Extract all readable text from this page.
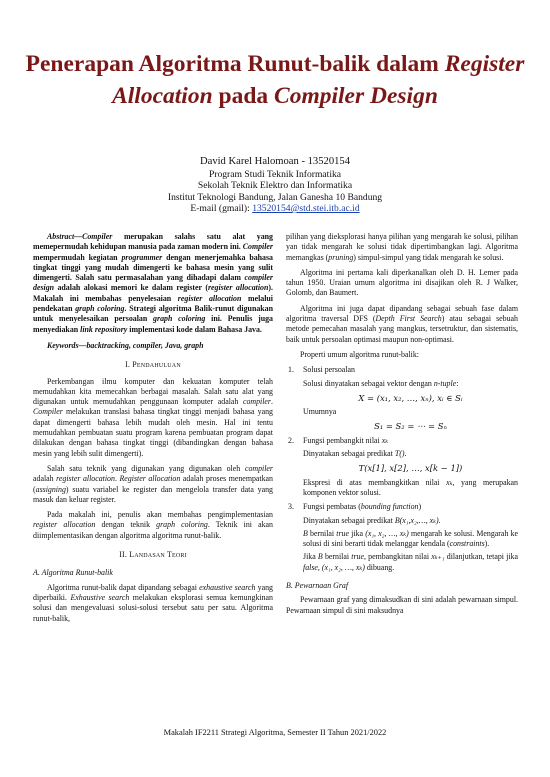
Penerapan Algoritma Runut-balik dalam Register
Allocation pada Compiler Design
David Karel Halomoan - 13520154
Program Studi Teknik Informatika
Sekolah Teknik Elektro dan Informatika
Institut Teknologi Bandung, Jalan Ganesha 10 Bandung
E-mail (gmail): 13520154@std.stei.itb.ac.id

Abstract—Compiler merupakan salahs satu alat yang memepermudah kehidupan manusia pada zaman modern ini. Compiler mempermudah kegiatan programmer dengan menerjemahka bahasa tingkat tinggi yang mudah dimengerti ke bahasa mesin yang sulit dimengerti. Salah satu permasalahan yang dihadapi dalam compiler design adalah alokasi memori ke dalam register (register allocation). Makalah ini membahas penyelesaian register allocation melalui pendekatan graph coloring. Strategi algoritma Balik-runut digunakan untuk menyelesaikan persoalan graph coloring ini. Penulis juga menyediakan link repository implementasi kode dalam Bahasa Java.

Keywords—backtracking, compiler, Java, graph

I. Pendahuluan

Perkembangan ilmu komputer dan kekuatan komputer telah memudahkan kita memecahkan berbagai masalah. Salah satu alat yang digunakan untuk memudahkan penggunaan komputer adalah compiler. Compiler melakukan translasi bahasa tingkat tinggi menjadi bahasa yang dapat dimengerti bahasa lebih mudah oleh mesin. Hal ini tentu memudahkan pembuatan suatu program karena pembuatan program dapat dilakukan dengan bahasa tingkat tinggi (dibandingkan dengan bahasa mesin yang lebih sulit dimengerti).

Salah satu teknik yang digunakan yang digunakan oleh compiler adalah register allocation. Register allocation adalah proses menempatkan (assigning) suatu variabel ke register dan mengelola transfer data yang masuk dan keluar register.

Pada makalah ini, penulis akan membahas pengimplementasian register allocation dengan teknik graph coloring. Teknik ini akan diimplementasikan dengan algoritma algoritma runut-balik.

II. Landasan Teori

A. Algoritma Runut-balik

Algoritma runut-balik dapat dipandang sebagai exhaustive search yang diperbaiki. Exhaustive search melakukan eksplorasi semua kemungkinan solusi dan mengevaluasi solusi-solusi tersebut satu per satu. Algoritma runut-balik,

pilihan yang dieksplorasi hanya pilihan yang mengarah ke solusi, pilihan yan tidak mengarah ke solusi tidak dipertimbangkan lagi. Algoritma memangkas (pruning) simpul-simpul yang tidak mengarah ke solusi.

Algoritma ini pertama kali diperkanalkan oleh D. H. Lemer pada tahun 1950. Uraian umum algoritma ini disajikan oleh R. J Walker, Golomb, dan Baumert.

Algoritma ini juga dapat dipandang sebagai sebuah fase dalam algoritma traversal DFS (Depth First Search) atau sebagai sebuah metode pemecahan masalah yang mangkus, tersetruktur, dan sistematis, baik untuk persoalan optimasi maupun non-optimasi.

Properti umum algoritma runut-balik:

1. Solusi persoalan

Solusi dinyatakan sebagai vektor dengan n-tuple:

X = (x₁, x₂, …, xₙ), xᵢ ∈ Sᵢ

Umumnya

S₁ = S₂ = ⋯ = Sₙ

2. Fungsi pembangkit nilai xₖ

Dinyatakan sebagai predikat T().

T(x[1], x[2], …, x[k − 1])

Ekspresi di atas membangkitkan nilai xₖ, yang merupakan komponen vektor solusi.

3. Fungsi pembatas (bounding function)

Dinyatakan sebagai predikat B(x₁,x₂,…, xₖ).

B bernilai true jika (x₁, x₂, …, xₖ) mengarah ke solusi. Mengarah ke solusi di sini berarti tidak melanggar kendala (constraints).

Jika B bernilai true, pembangkitan nilai xₖ₊₁ dilanjutkan, tetapi jika false, (x₁, x₂, …, xₖ) dibuang.

B. Pewarnaan Graf

Pewarnaan graf yang dimaksudkan di sini adalah pewarnaan simpul. Pewarnaan simpul di sini maksudnya

Makalah IF2211 Strategi Algoritma, Semester II Tahun 2021/2022
